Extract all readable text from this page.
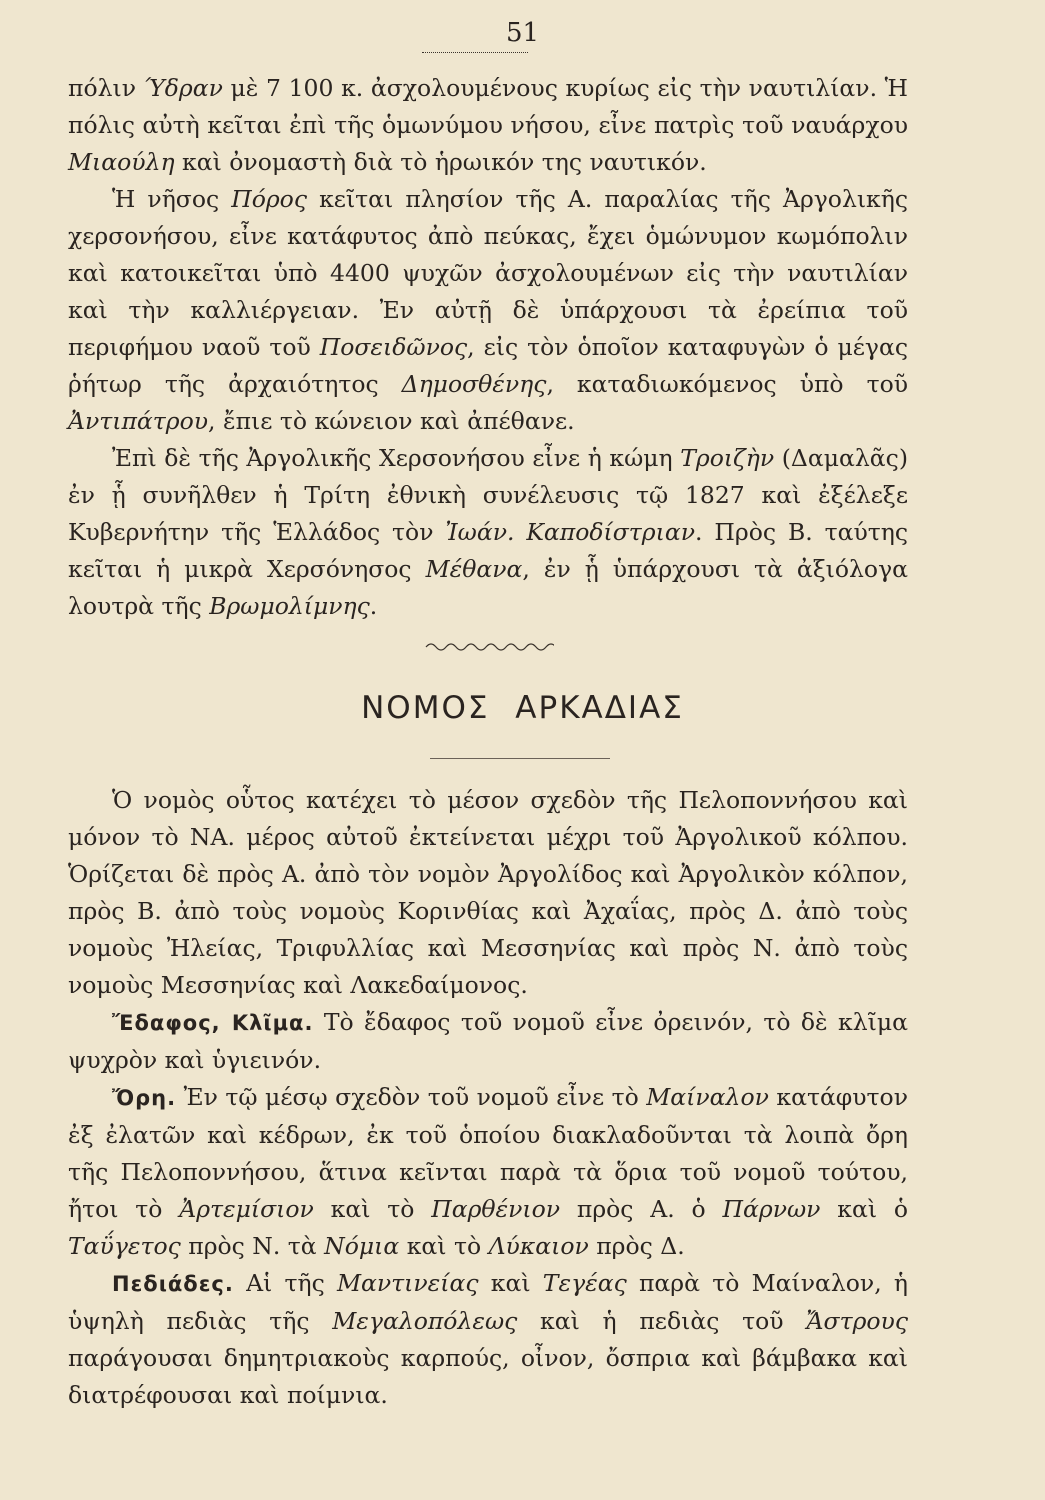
51

πόλιν Ύδραν μὲ 7 100 κ. ἀσχολουμένους κυρίως εἰς τὴν ναυτιλίαν. Ἡ πόλις αὐτὴ κεῖται ἐπὶ τῆς ὁμωνύμου νήσου, εἶνε πατρὶς τοῦ ναυάρχου Μιαούλη καὶ ὀνομαστὴ διὰ τὸ ἡρωικόν της ναυτικόν.

Ἡ νῆσος Πόρος κεῖται πλησίον τῆς Α. παραλίας τῆς Ἀργολικῆς χερσονήσου, εἶνε κατάφυτος ἀπὸ πεύκας, ἔχει ὁμώνυμον κωμόπολιν καὶ κατοικεῖται ὑπὸ 4400 ψυχῶν ἀσχολουμένων εἰς τὴν ναυτιλίαν καὶ τὴν καλλιέργειαν. Ἐν αὐτῇ δὲ ὑπάρχουσι τὰ ἐρείπια τοῦ περιφήμου ναοῦ τοῦ Ποσειδῶνος, εἰς τὸν ὁποῖον καταφυγὼν ὁ μέγας ῥήτωρ τῆς ἀρχαιότητος Δημοσθένης, καταδιωκόμενος ὑπὸ τοῦ Ἀντιπάτρου, ἔπιε τὸ κώνειον καὶ ἀπέθανε.

Ἐπὶ δὲ τῆς Ἀργολικῆς Χερσονήσου εἶνε ἡ κώμη Τροιζὴν (Δαμαλᾶς) ἐν ᾗ συνῆλθεν ἡ Τρίτη ἐθνικὴ συνέλευσις τῷ 1827 καὶ ἐξέλεξε Κυβερνήτην τῆς Ἑλλάδος τὸν Ἰωάν. Καποδίστριαν. Πρὸς Β. ταύτης κεῖται ἡ μικρὰ Χερσόνησος Μέθανα, ἐν ᾗ ὑπάρχουσι τὰ ἀξιόλογα λουτρὰ τῆς Βρωμολίμνης.

ΝΟΜΟΣ ΑΡΚΑΔΙΑΣ

Ὁ νομὸς οὗτος κατέχει τὸ μέσον σχεδὸν τῆς Πελοποννήσου καὶ μόνον τὸ ΝΑ. μέρος αὐτοῦ ἐκτείνεται μέχρι τοῦ Ἀργολικοῦ κόλπου. Ὁρίζεται δὲ πρὸς Α. ἀπὸ τὸν νομὸν Ἀργολίδος καὶ Ἀργολικὸν κόλπον, πρὸς Β. ἀπὸ τοὺς νομοὺς Κορινθίας καὶ Ἀχαΐας, πρὸς Δ. ἀπὸ τοὺς νομοὺς Ἠλείας, Τριφυλλίας καὶ Μεσσηνίας καὶ πρὸς Ν. ἀπὸ τοὺς νομοὺς Μεσσηνίας καὶ Λακεδαίμονος.

Ἔδαφος, Κλῖμα. Τὸ ἔδαφος τοῦ νομοῦ εἶνε ὀρεινόν, τὸ δὲ κλῖμα ψυχρὸν καὶ ὑγιεινόν.

Ὄρη. Ἐν τῷ μέσῳ σχεδὸν τοῦ νομοῦ εἶνε τὸ Μαίναλον κατάφυτον ἐξ ἐλατῶν καὶ κέδρων, ἐκ τοῦ ὁποίου διακλαδοῦνται τὰ λοιπὰ ὄρη τῆς Πελοποννήσου, ἅτινα κεῖνται παρὰ τὰ ὅρια τοῦ νομοῦ τούτου, ἤτοι τὸ Ἀρτεμίσιον καὶ τὸ Παρθένιον πρὸς Α. ὁ Πάρνων καὶ ὁ Ταΰγετος πρὸς Ν. τὰ Νόμια καὶ τὸ Λύκαιον πρὸς Δ.

Πεδιάδες. Αἱ τῆς Μαντινείας καὶ Τεγέας παρὰ τὸ Μαίναλον, ἡ ὑψηλὴ πεδιὰς τῆς Μεγαλοπόλεως καὶ ἡ πεδιὰς τοῦ Ἄστρους παράγουσαι δημητριακοὺς καρπούς, οἶνον, ὄσπρια καὶ βάμβακα καὶ διατρέφουσαι καὶ ποίμνια.
